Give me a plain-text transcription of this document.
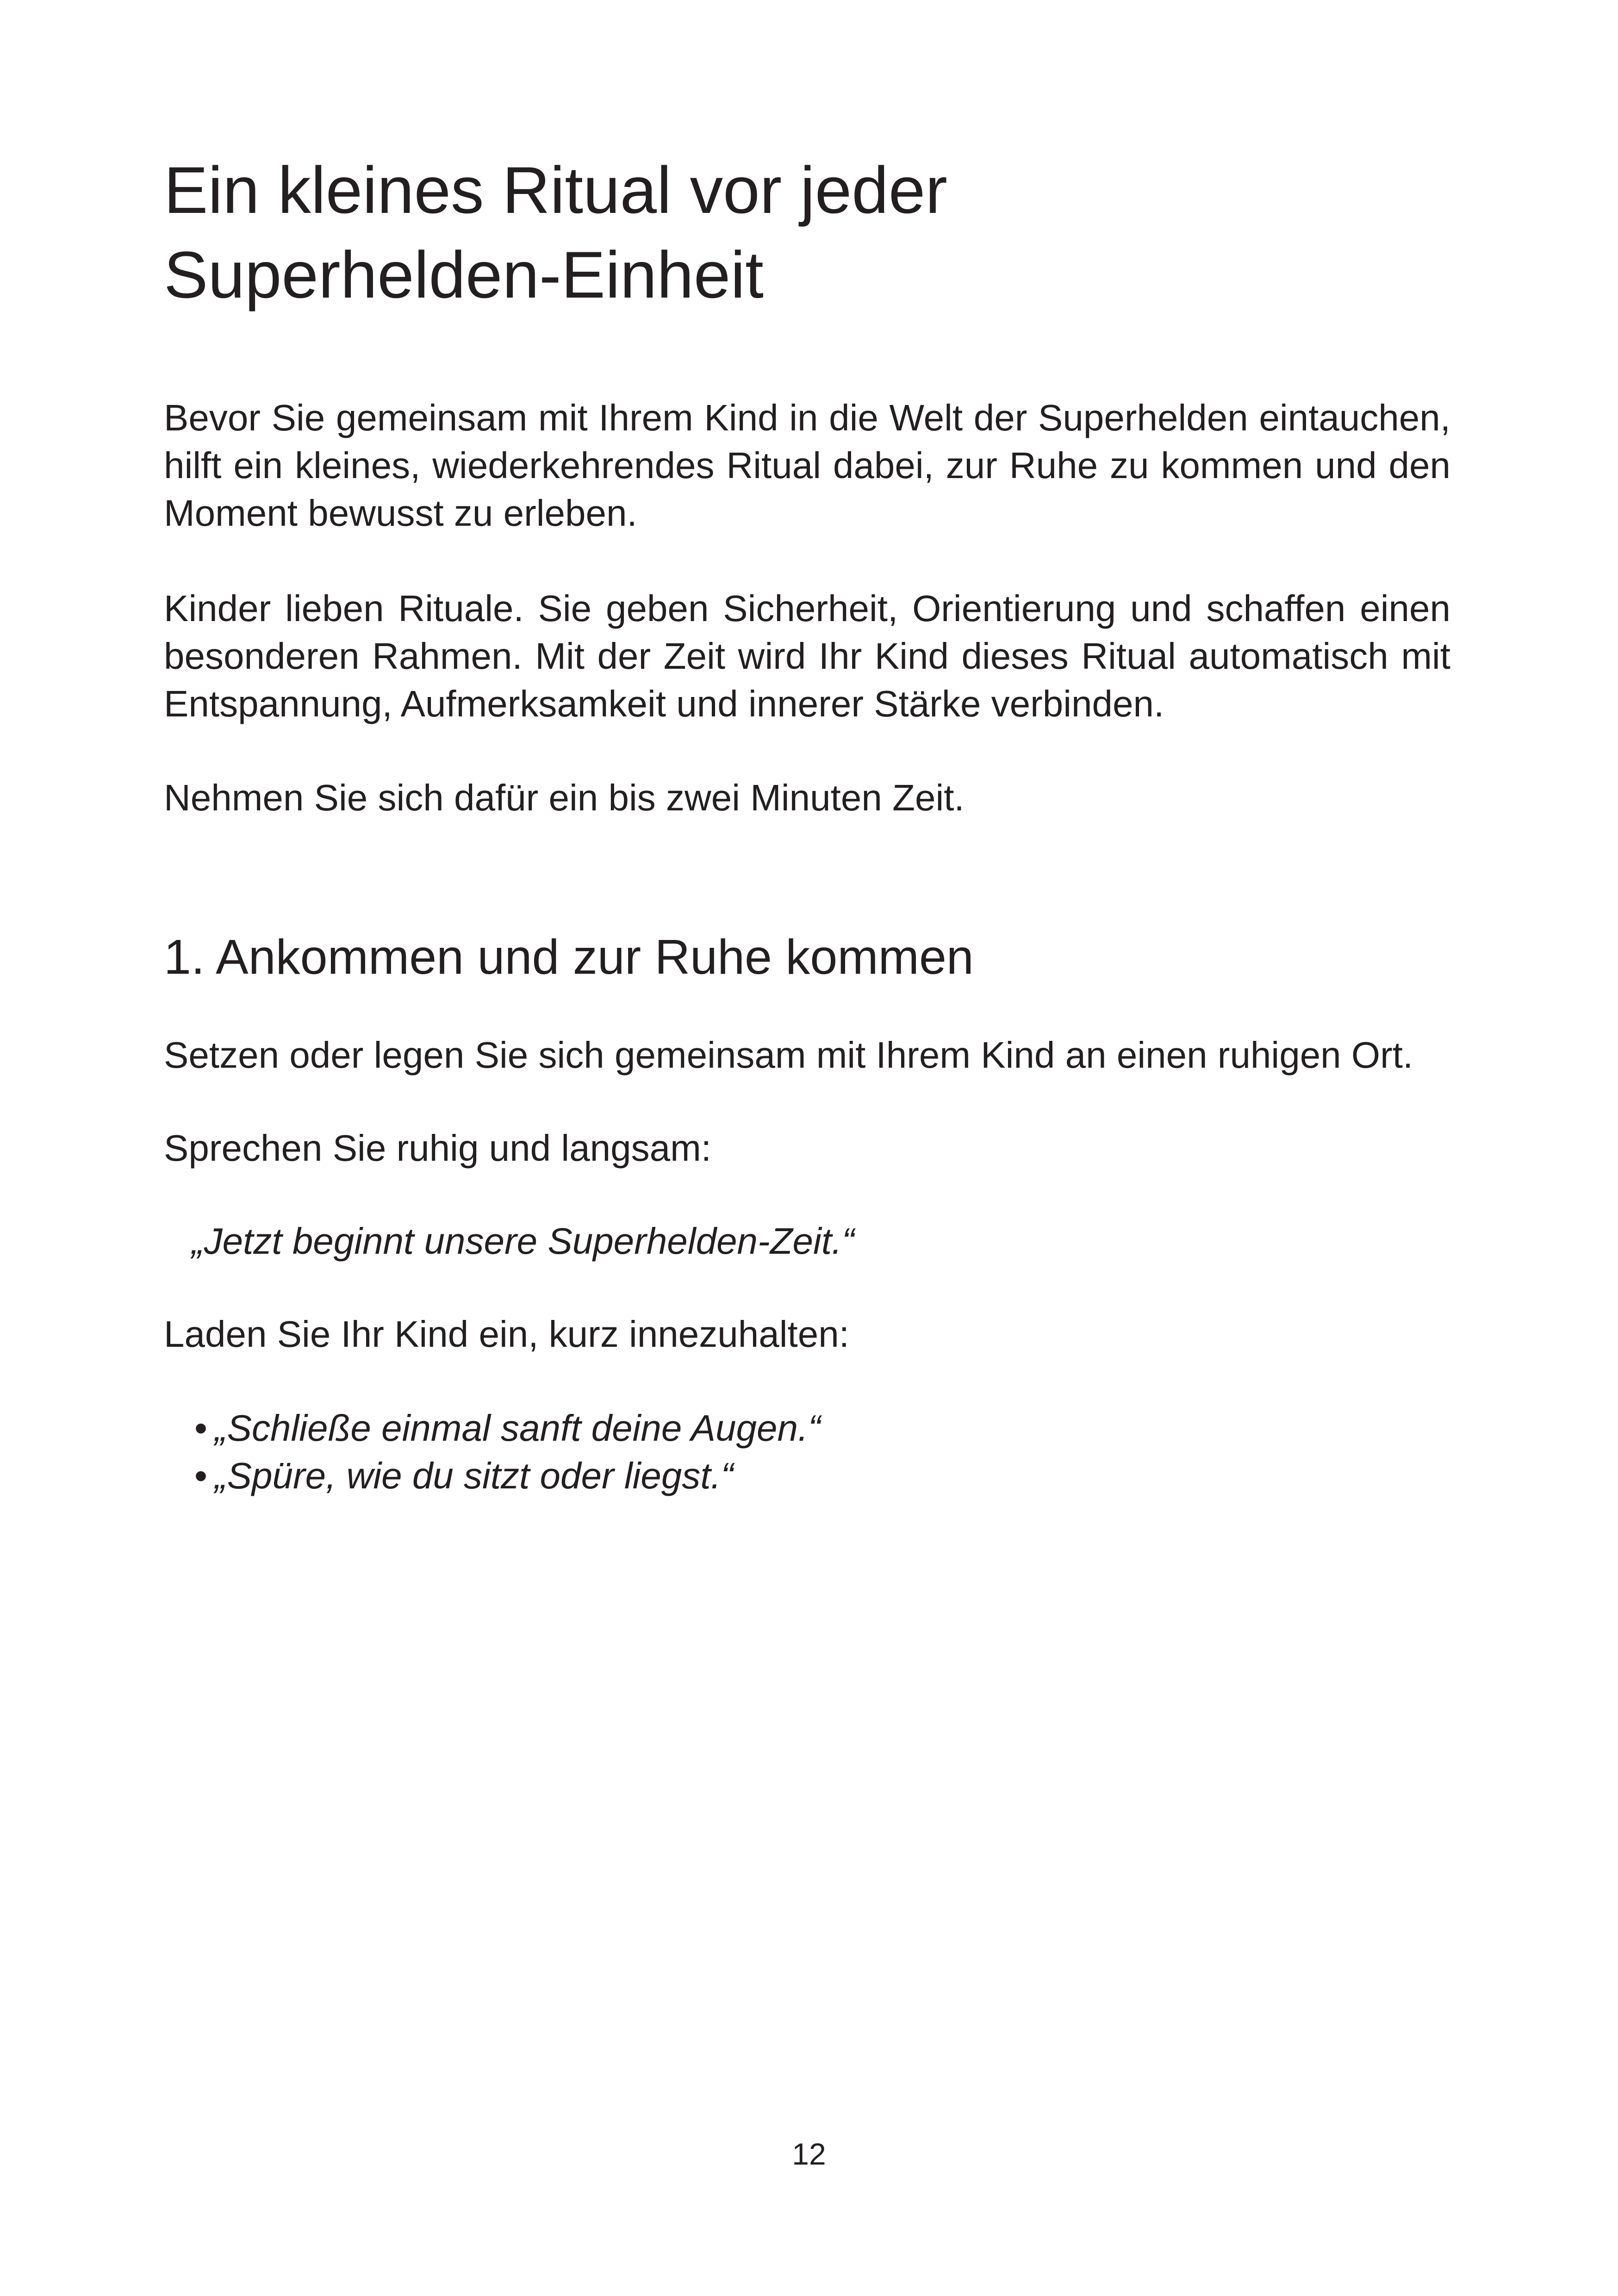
Ein kleines Ritual vor jeder
Superhelden-Einheit

Bevor Sie gemeinsam mit Ihrem Kind in die Welt der Superhelden eintauchen, hilft ein kleines, wiederkehrendes Ritual dabei, zur Ruhe zu kommen und den Moment bewusst zu erleben.

Kinder lieben Rituale. Sie geben Sicherheit, Orientierung und schaffen einen besonderen Rahmen. Mit der Zeit wird Ihr Kind dieses Ritual automatisch mit Entspannung, Aufmerksamkeit und innerer Stärke verbinden.

Nehmen Sie sich dafür ein bis zwei Minuten Zeit.

1. Ankommen und zur Ruhe kommen

Setzen oder legen Sie sich gemeinsam mit Ihrem Kind an einen ruhigen Ort.

Sprechen Sie ruhig und langsam:

„Jetzt beginnt unsere Superhelden-Zeit.“

Laden Sie Ihr Kind ein, kurz innezuhalten:

• „Schließe einmal sanft deine Augen.“
• „Spüre, wie du sitzt oder liegst.“
12
